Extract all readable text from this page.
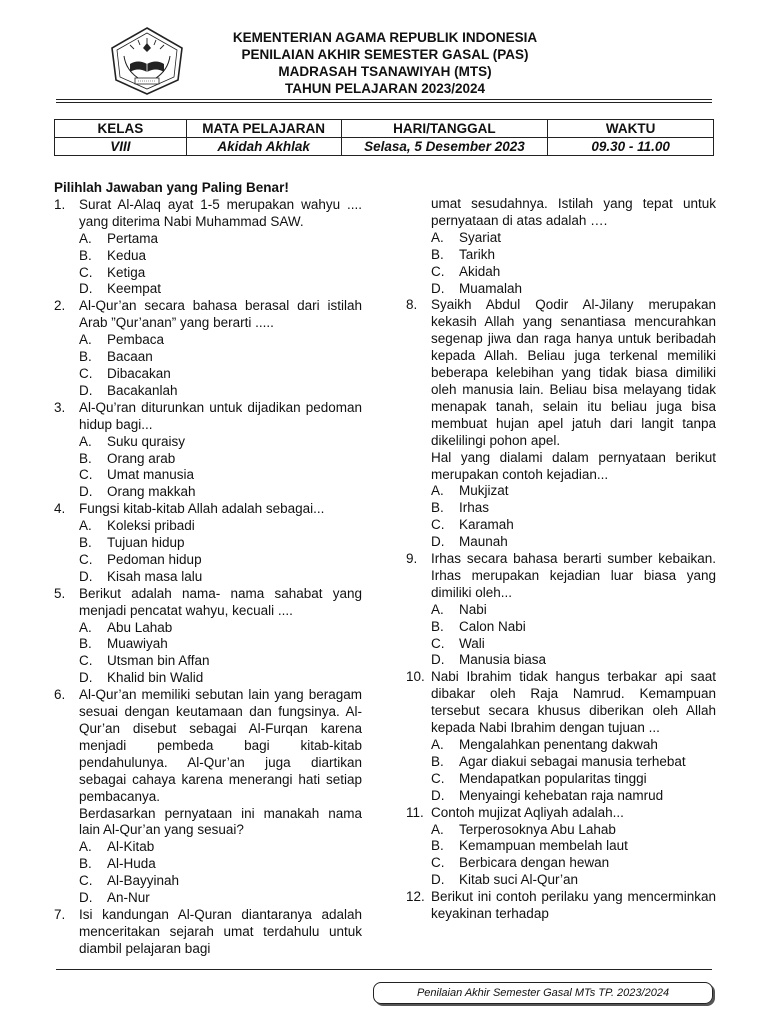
KEMENTERIAN AGAMA REPUBLIK INDONESIA
PENILAIAN AKHIR SEMESTER GASAL (PAS)
MADRASAH TSANAWIYAH (MTS)
TAHUN PELAJARAN 2023/2024
KELAS	MATA PELAJARAN	HARI/TANGGAL	WAKTU
VIII	Akidah Akhlak	Selasa, 5 Desember 2023	09.30 - 11.00
Pilihlah Jawaban yang Paling Benar!
1.	Surat Al-Alaq ayat 1-5 merupakan wahyu .... yang diterima Nabi Muhammad SAW.
A.	Pertama
B.	Kedua
C.	Ketiga
D.	Keempat
2.	Al-Qur’an secara bahasa berasal dari istilah Arab ”Qur’anan” yang berarti .....
A.	Pembaca
B.	Bacaan
C.	Dibacakan
D.	Bacakanlah
3.	Al-Qu’ran diturunkan untuk dijadikan pedoman hidup bagi...
A.	Suku quraisy
B.	Orang arab
C.	Umat manusia
D.	Orang makkah
4.	Fungsi kitab-kitab Allah adalah sebagai...
A.	Koleksi pribadi
B.	Tujuan hidup
C.	Pedoman hidup
D.	Kisah masa lalu
5.	Berikut adalah nama- nama sahabat yang menjadi pencatat wahyu, kecuali ....
A.	Abu Lahab
B.	Muawiyah
C.	Utsman bin Affan
D.	Khalid bin Walid
6.	Al-Qur’an memiliki sebutan lain yang beragam sesuai dengan keutamaan dan fungsinya. Al-Qur’an disebut sebagai Al-Furqan karena menjadi pembeda bagi kitab-kitab pendahulunya. Al-Qur’an juga diartikan sebagai cahaya karena menerangi hati setiap pembacanya.
Berdasarkan pernyataan ini manakah nama lain Al-Qur’an yang sesuai?
A.	Al-Kitab
B.	Al-Huda
C.	Al-Bayyinah
D.	An-Nur
7.	Isi kandungan Al-Quran diantaranya adalah menceritakan sejarah umat terdahulu untuk diambil pelajaran bagi
umat sesudahnya. Istilah yang tepat untuk pernyataan di atas adalah ….
A.	Syariat
B.	Tarikh
C.	Akidah
D.	Muamalah
8.	Syaikh Abdul Qodir Al-Jilany merupakan kekasih Allah yang senantiasa mencurahkan segenap jiwa dan raga hanya untuk beribadah kepada Allah. Beliau juga terkenal memiliki beberapa kelebihan yang tidak biasa dimiliki oleh manusia lain. Beliau bisa melayang tidak menapak tanah, selain itu beliau juga bisa membuat hujan apel jatuh dari langit tanpa dikelilingi pohon apel.
Hal yang dialami dalam pernyataan berikut merupakan contoh kejadian...
A.	Mukjizat
B.	Irhas
C.	Karamah
D.	Maunah
9.	Irhas secara bahasa berarti sumber kebaikan. Irhas merupakan kejadian luar biasa yang dimiliki oleh...
A.	Nabi
B.	Calon Nabi
C.	Wali
D.	Manusia biasa
10. Nabi Ibrahim tidak hangus terbakar api saat dibakar oleh Raja Namrud. Kemampuan tersebut secara khusus diberikan oleh Allah kepada Nabi Ibrahim dengan tujuan ...
A.	Mengalahkan penentang dakwah
B.	Agar diakui sebagai manusia terhebat
C.	Mendapatkan popularitas tinggi
D.	Menyaingi kehebatan raja namrud
11. Contoh mujizat Aqliyah adalah...
A.	Terperosoknya Abu Lahab
B.	Kemampuan membelah laut
C.	Berbicara dengan hewan
D.	Kitab suci Al-Qur’an
12. Berikut ini contoh perilaku yang mencerminkan keyakinan terhadap
Penilaian Akhir Semester Gasal MTs TP. 2023/2024
